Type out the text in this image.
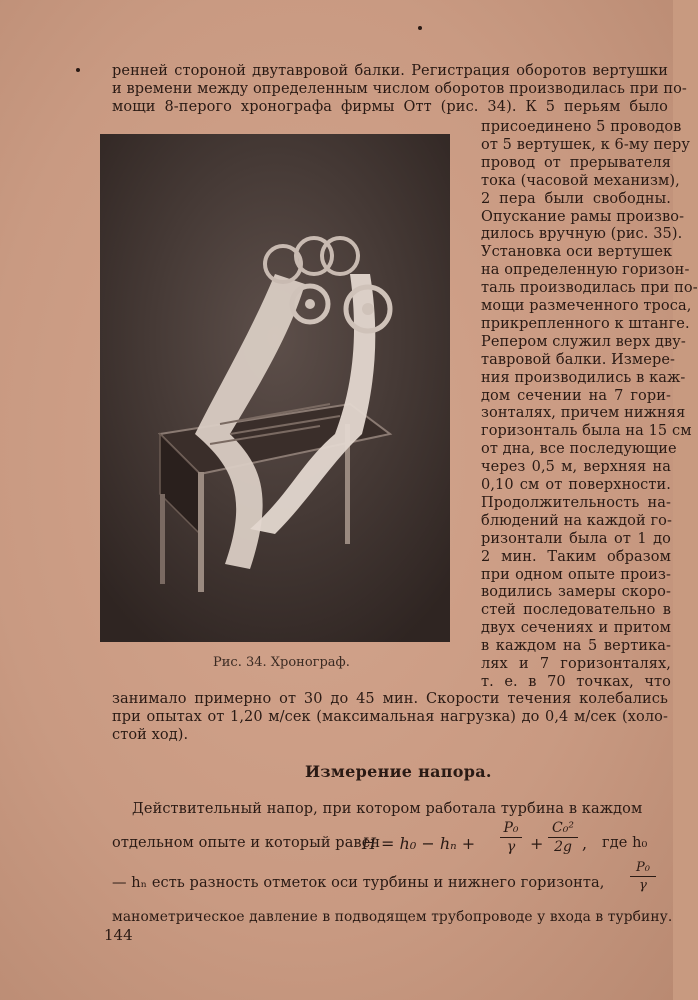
ренней стороной двутавровой балки. Регистрация оборотов вертушки
и времени между определенным числом оборотов производилась при по-
мощи 8-перого хронографа фирмы Отт (рис. 34). К 5 перьям было
присоединено 5 проводов
от 5 вертушек, к 6-му перу
провод от прерывателя
тока (часовой механизм),
2 пера были свободны.
Опускание рамы произво-
дилось вручную (рис. 35).
Установка оси вертушек
на определенную горизон-
таль производилась при по-
мощи размеченного троса,
прикрепленного к штанге.
Репером служил верх дву-
тавровой балки. Измере-
ния производились в каж-
дом сечении на 7 гори-
зонталях, причем нижняя
горизонталь была на 15 см
от дна, все последующие
через 0,5 м, верхняя на
0,10 см от поверхности.
Продолжительность на-
блюдений на каждой го-
ризонтали была от 1 до
2 мин. Таким образом
при одном опыте произ-
водились замеры скоро-
стей последовательно в
двух сечениях и притом
в каждом на 5 вертика-
лях и 7 горизонталях,
т. е. в 70 точках, что
Рис. 34. Хронограф.
занимало примерно от 30 до 45 мин. Скорости течения колебались
при опытах от 1,20 м/сек (максимальная нагрузка) до 0,4 м/сек (холо-
стой ход).
Измерение напора.
Действительный напор, при котором работала турбина в каждом
отдельном опыте и который равен
H = h₀ − hₙ +
P₀
γ +
C₀²
2g , где h₀
— hₙ есть разность отметок оси турбины и нижнего горизонта,
P₀
γ
манометрическое давление в подводящем трубопроводе у входа в турбину.
144
